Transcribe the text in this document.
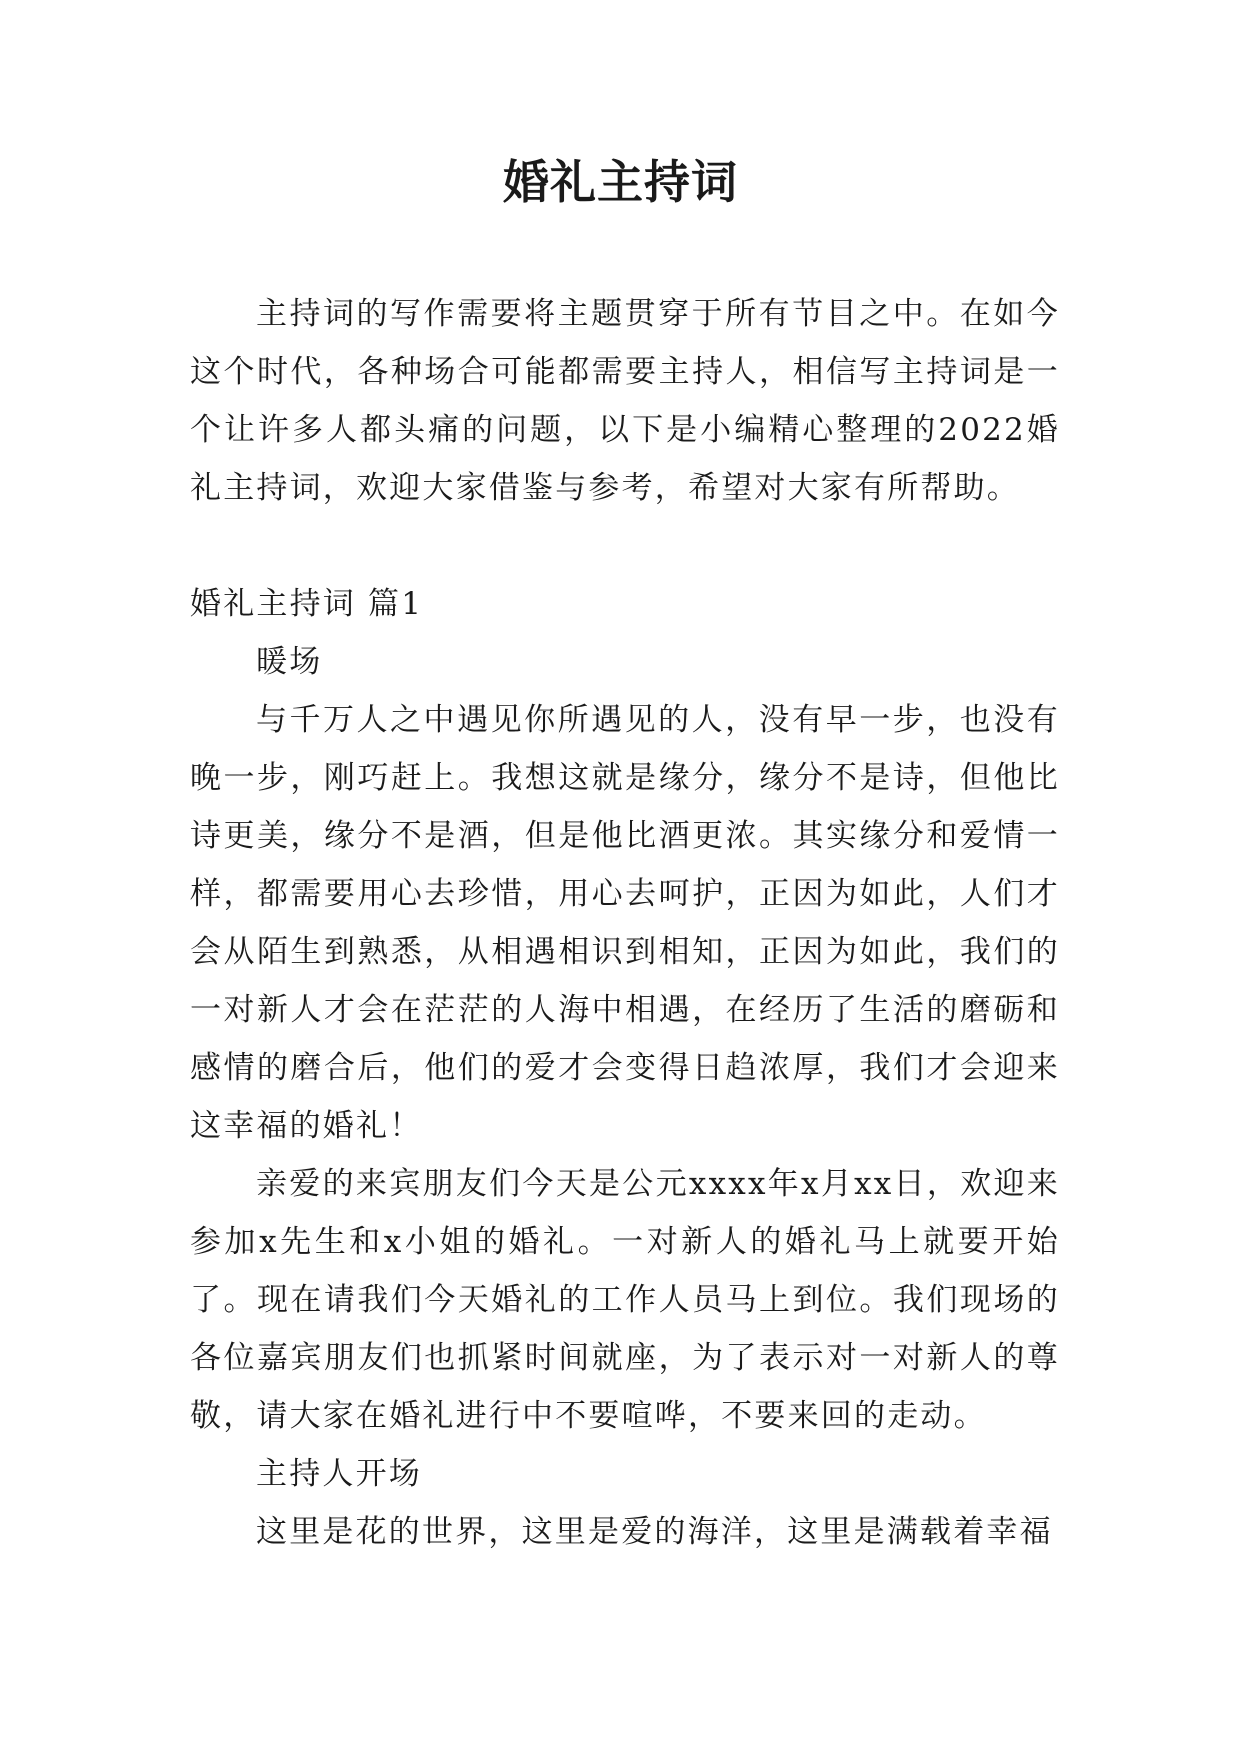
婚礼主持词

主持词的写作需要将主题贯穿于所有节目之中。在如今这个时代，各种场合可能都需要主持人，相信写主持词是一个让许多人都头痛的问题，以下是小编精心整理的2022婚礼主持词，欢迎大家借鉴与参考，希望对大家有所帮助。

婚礼主持词 篇1

暖场

与千万人之中遇见你所遇见的人，没有早一步，也没有晚一步，刚巧赶上。我想这就是缘分，缘分不是诗，但他比诗更美，缘分不是酒，但是他比酒更浓。其实缘分和爱情一样，都需要用心去珍惜，用心去呵护，正因为如此，人们才会从陌生到熟悉，从相遇相识到相知，正因为如此，我们的一对新人才会在茫茫的人海中相遇，在经历了生活的磨砺和感情的磨合后，他们的爱才会变得日趋浓厚，我们才会迎来这幸福的婚礼！

亲爱的来宾朋友们今天是公元xxxx年x月xx日，欢迎来参加x先生和x小姐的婚礼。一对新人的婚礼马上就要开始了。现在请我们今天婚礼的工作人员马上到位。我们现场的各位嘉宾朋友们也抓紧时间就座，为了表示对一对新人的尊敬，请大家在婚礼进行中不要喧哗，不要来回的走动。

主持人开场

这里是花的世界，这里是爱的海洋，这里是满载着幸福
